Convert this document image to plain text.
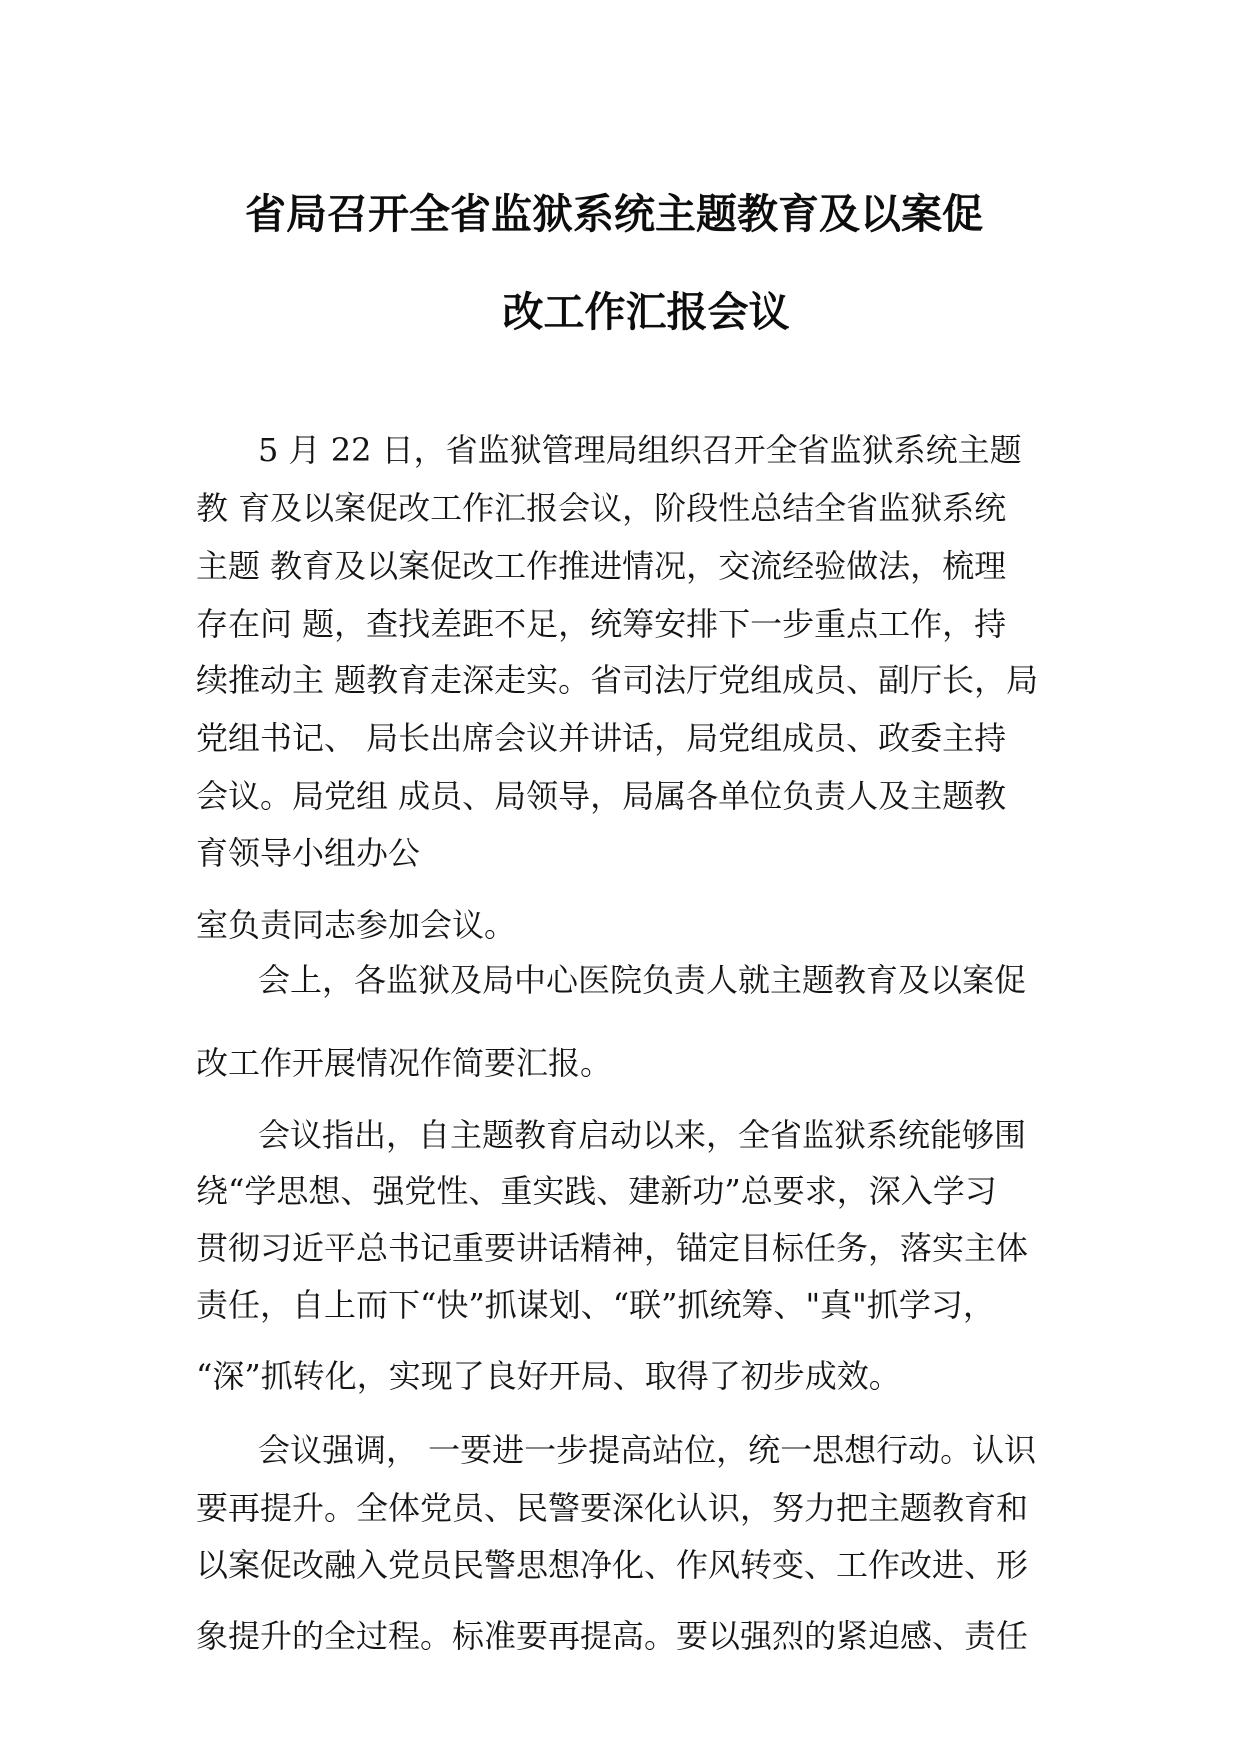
省局召开全省监狱系统主题教育及以案促
改工作汇报会议
5 月 22 日，省监狱管理局组织召开全省监狱系统主题
教 育及以案促改工作汇报会议，阶段性总结全省监狱系统
主题 教育及以案促改工作推进情况，交流经验做法，梳理
存在问 题，查找差距不足，统筹安排下一步重点工作，持
续推动主 题教育走深走实。省司法厅党组成员、副厅长，局
党组书记、 局长出席会议并讲话，局党组成员、政委主持
会议。局党组 成员、局领导，局属各单位负责人及主题教
育领导小组办公
室负责同志参加会议。
会上，各监狱及局中心医院负责人就主题教育及以案促
改工作开展情况作简要汇报。
会议指出，自主题教育启动以来，全省监狱系统能够围
绕“学思想、强党性、重实践、建新功”总要求，深入学习
贯彻习近平总书记重要讲话精神，锚定目标任务，落实主体
责任，自上而下“快”抓谋划、“联”抓统筹、"真"抓学习，
“深”抓转化，实现了良好开局、取得了初步成效。
会议强调， 一要进一步提高站位，统一思想行动。认识
要再提升。全体党员、民警要深化认识，努力把主题教育和
以案促改融入党员民警思想净化、作风转变、工作改进、形
象提升的全过程。标准要再提高。要以强烈的紧迫感、责任
